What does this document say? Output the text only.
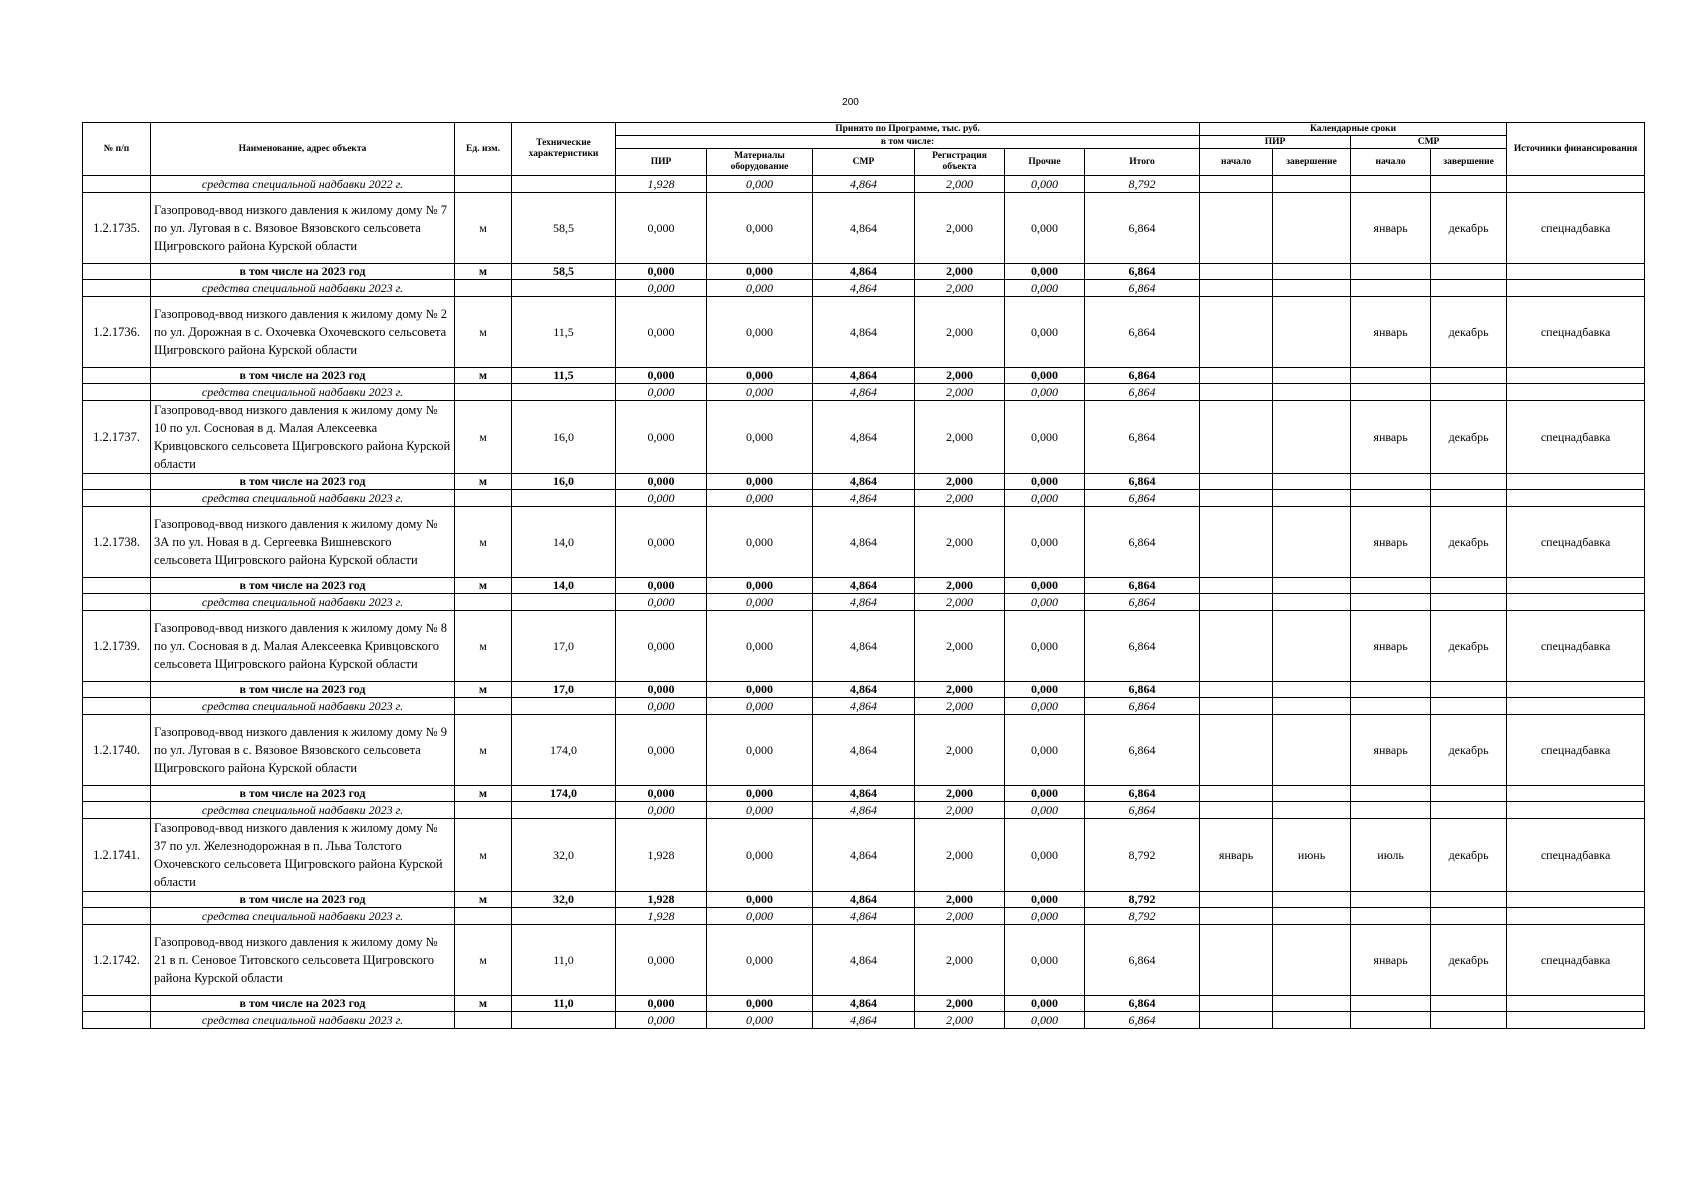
200
№ п/п	Наименование, адрес объекта	Ед. изм.	Технические характеристики	Принято по Программе, тыс. руб.						Календарные сроки				Источники финансирования
				в том числе:						ПИР		СМР		
				ПИР	Материалы оборудование	СМР	Регистрация объекта	Прочие	Итого	начало	завершение	начало	завершение	
	средства специальной надбавки 2022 г.			1,928	0,000	4,864	2,000	0,000	8,792					
1.2.1735.	Газопровод-ввод низкого давления к жилому дому № 7 по ул. Луговая в с. Вязовое Вязовского сельсовета Щигровского района Курской области	м	58,5	0,000	0,000	4,864	2,000	0,000	6,864			январь	декабрь	спецнадбавка
	в том числе на 2023 год	м	58,5	0,000	0,000	4,864	2,000	0,000	6,864					
	средства специальной надбавки 2023 г.			0,000	0,000	4,864	2,000	0,000	6,864					
1.2.1736.	Газопровод-ввод низкого давления к жилому дому № 2 по ул. Дорожная в с. Охочевка Охочевского сельсовета Щигровского района Курской области	м	11,5	0,000	0,000	4,864	2,000	0,000	6,864			январь	декабрь	спецнадбавка
	в том числе на 2023 год	м	11,5	0,000	0,000	4,864	2,000	0,000	6,864					
	средства специальной надбавки 2023 г.			0,000	0,000	4,864	2,000	0,000	6,864					
1.2.1737.	Газопровод-ввод низкого давления к жилому дому № 10 по ул. Сосновая в д. Малая Алексеевка Кривцовского сельсовета Щигровского района Курской области	м	16,0	0,000	0,000	4,864	2,000	0,000	6,864			январь	декабрь	спецнадбавка
	в том числе на 2023 год	м	16,0	0,000	0,000	4,864	2,000	0,000	6,864					
	средства специальной надбавки 2023 г.			0,000	0,000	4,864	2,000	0,000	6,864					
1.2.1738.	Газопровод-ввод низкого давления к жилому дому № 3А по ул. Новая в д. Сергеевка Вишневского сельсовета Щигровского района Курской области	м	14,0	0,000	0,000	4,864	2,000	0,000	6,864			январь	декабрь	спецнадбавка
	в том числе на 2023 год	м	14,0	0,000	0,000	4,864	2,000	0,000	6,864					
	средства специальной надбавки 2023 г.			0,000	0,000	4,864	2,000	0,000	6,864					
1.2.1739.	Газопровод-ввод низкого давления к жилому дому № 8 по ул. Сосновая в д. Малая Алексеевка Кривцовского сельсовета Щигровского района Курской области	м	17,0	0,000	0,000	4,864	2,000	0,000	6,864			январь	декабрь	спецнадбавка
	в том числе на 2023 год	м	17,0	0,000	0,000	4,864	2,000	0,000	6,864					
	средства специальной надбавки 2023 г.			0,000	0,000	4,864	2,000	0,000	6,864					
1.2.1740.	Газопровод-ввод низкого давления к жилому дому № 9 по ул. Луговая в с. Вязовое Вязовского сельсовета Щигровского района Курской области	м	174,0	0,000	0,000	4,864	2,000	0,000	6,864			январь	декабрь	спецнадбавка
	в том числе на 2023 год	м	174,0	0,000	0,000	4,864	2,000	0,000	6,864					
	средства специальной надбавки 2023 г.			0,000	0,000	4,864	2,000	0,000	6,864					
1.2.1741.	Газопровод-ввод низкого давления к жилому дому № 37 по ул. Железнодорожная в п. Льва Толстого Охочевского сельсовета Щигровского района Курской области	м	32,0	1,928	0,000	4,864	2,000	0,000	8,792	январь	июнь	июль	декабрь	спецнадбавка
	в том числе на 2023 год	м	32,0	1,928	0,000	4,864	2,000	0,000	8,792					
	средства специальной надбавки 2023 г.			1,928	0,000	4,864	2,000	0,000	8,792					
1.2.1742.	Газопровод-ввод низкого давления к жилому дому № 21 в п. Сеновое Титовского сельсовета Щигровского района Курской области	м	11,0	0,000	0,000	4,864	2,000	0,000	6,864			январь	декабрь	спецнадбавка
	в том числе на 2023 год	м	11,0	0,000	0,000	4,864	2,000	0,000	6,864					
	средства специальной надбавки 2023 г.			0,000	0,000	4,864	2,000	0,000	6,864					
